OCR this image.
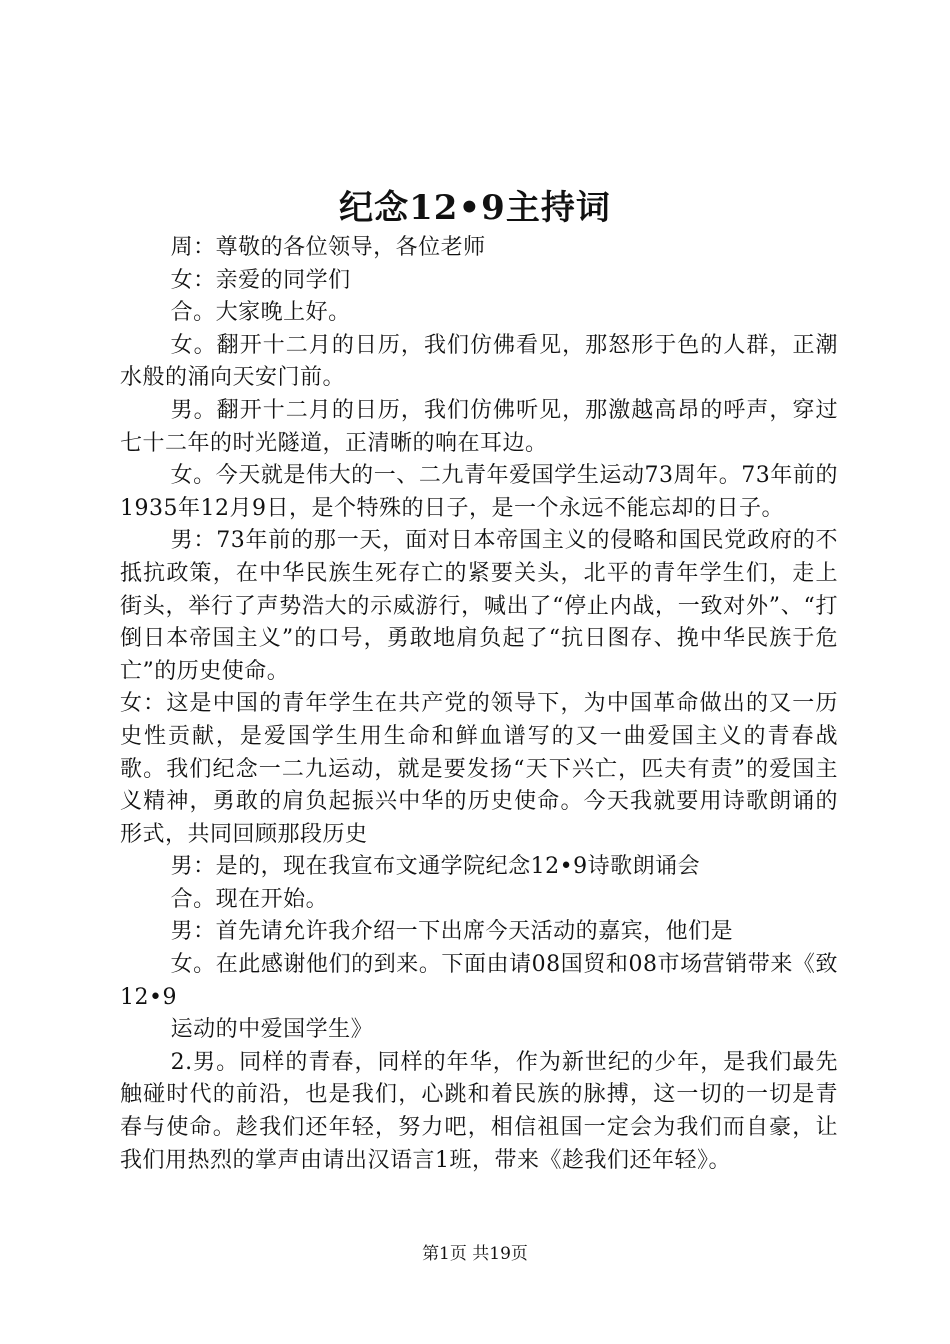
纪念12•9主持词

周：尊敬的各位领导，各位老师

女：亲爱的同学们

合。大家晚上好。

女。翻开十二月的日历，我们仿佛看见，那怒形于色的人群，正潮水般的涌向天安门前。

男。翻开十二月的日历，我们仿佛听见，那激越高昂的呼声，穿过七十二年的时光隧道，正清晰的响在耳边。

女。今天就是伟大的一、二九青年爱国学生运动73周年。73年前的1935年12月9日，是个特殊的日子，是一个永远不能忘却的日子。

男：73年前的那一天，面对日本帝国主义的侵略和国民党政府的不抵抗政策，在中华民族生死存亡的紧要关头，北平的青年学生们，走上街头，举行了声势浩大的示威游行，喊出了“停止内战，一致对外”、“打倒日本帝国主义”的口号，勇敢地肩负起了“抗日图存、挽中华民族于危亡”的历史使命。

女：这是中国的青年学生在共产党的领导下，为中国革命做出的又一历史性贡献，是爱国学生用生命和鲜血谱写的又一曲爱国主义的青春战歌。我们纪念一二九运动，就是要发扬“天下兴亡，匹夫有责”的爱国主义精神，勇敢的肩负起振兴中华的历史使命。今天我就要用诗歌朗诵的形式，共同回顾那段历史

男：是的，现在我宣布文通学院纪念12•9诗歌朗诵会

合。现在开始。

男：首先请允许我介绍一下出席今天活动的嘉宾，他们是

女。在此感谢他们的到来。下面由请08国贸和08市场营销带来《致12•9

运动的中爱国学生》

2.男。同样的青春，同样的年华，作为新世纪的少年，是我们最先触碰时代的前沿，也是我们，心跳和着民族的脉搏，这一切的一切是青春与使命。趁我们还年轻，努力吧，相信祖国一定会为我们而自豪，让我们用热烈的掌声由请出汉语言1班，带来《趁我们还年轻》。

第1页 共19页
